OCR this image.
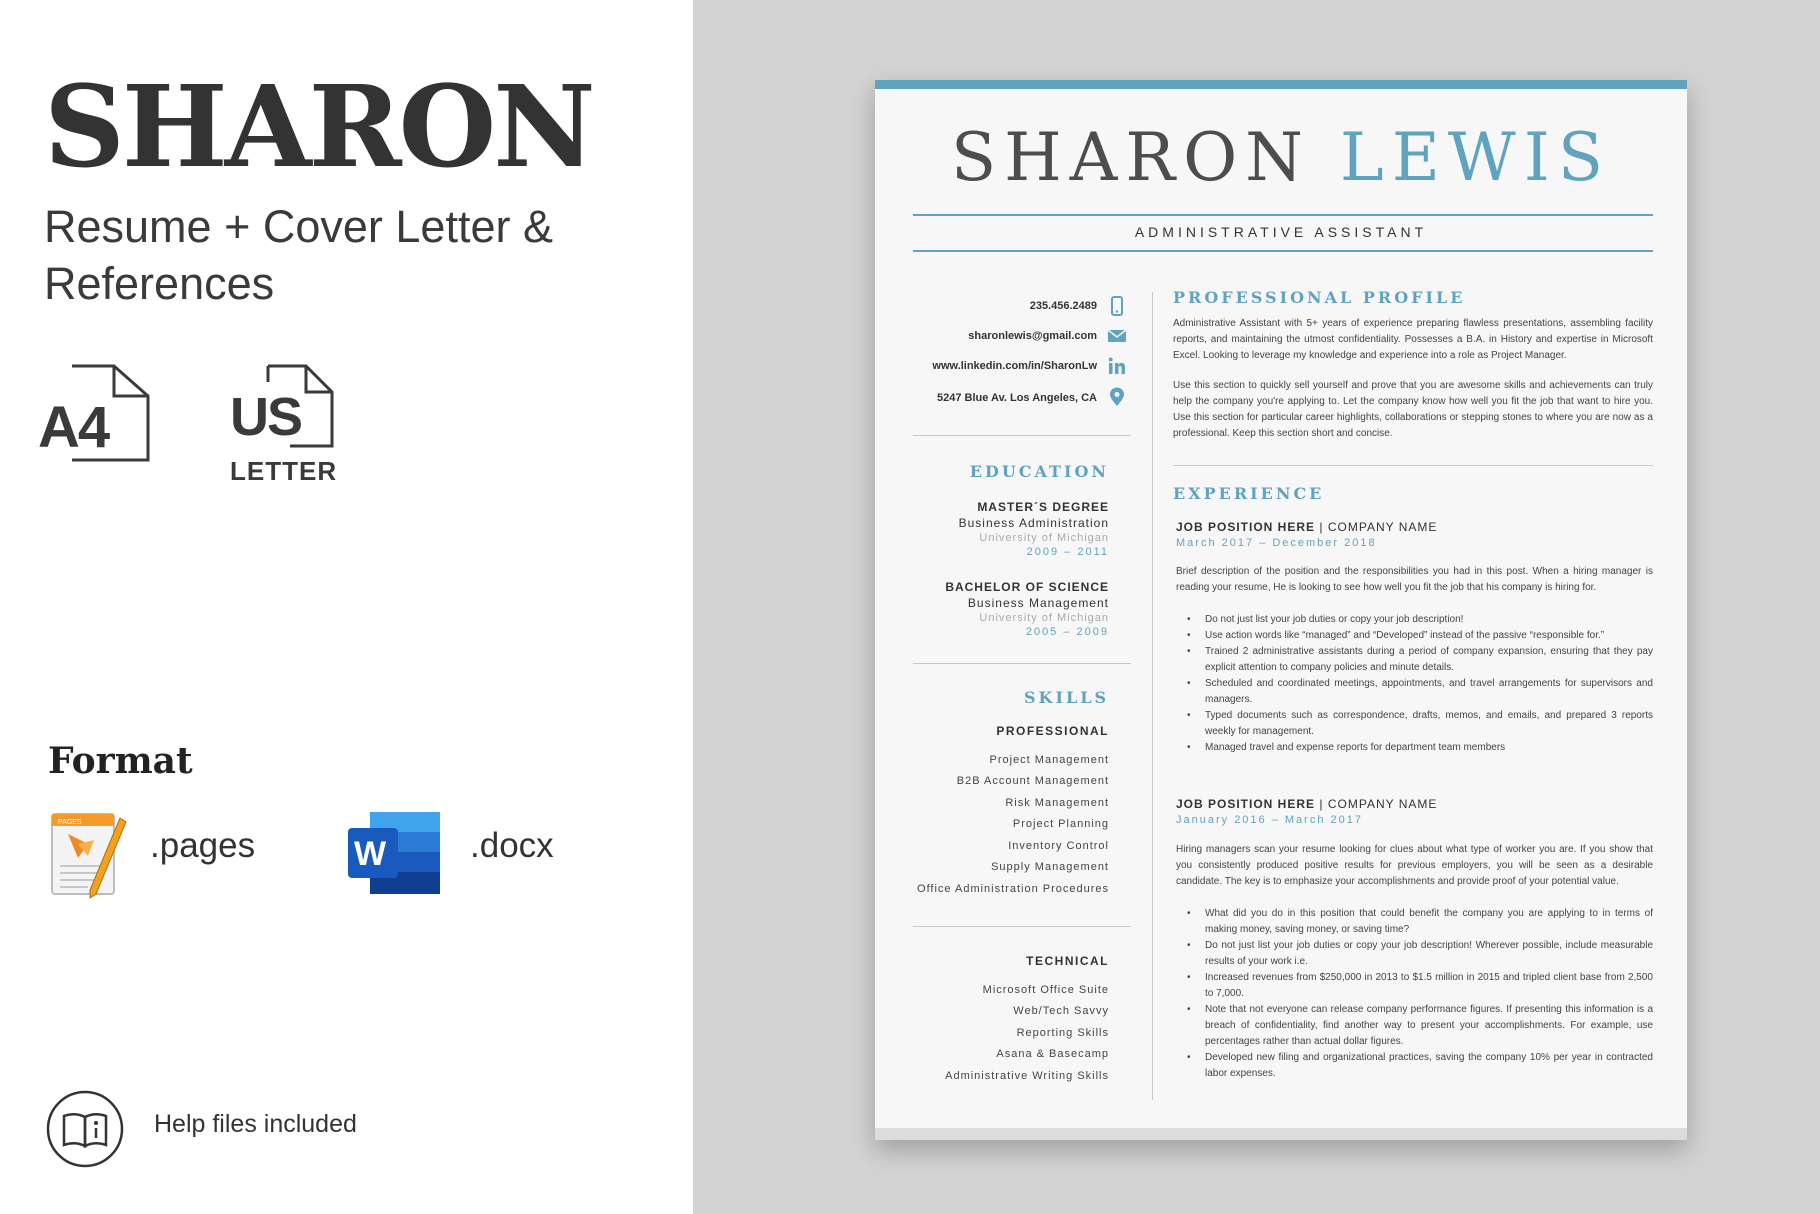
SHARON
Resume + Cover Letter & References
A4 US
LETTER
Format
PAGES
.pages	W .docx
Help files included
SHARON LEWIS
ADMINISTRATIVE ASSISTANT
235.456.2489
sharonlewis@gmail.com
www.linkedin.com/in/SharonLw
5247 Blue Av. Los Angeles, CA
EDUCATION
MASTER´S DEGREE
Business Administration
University of Michigan
2009 – 2011
BACHELOR OF SCIENCE
Business Management
University of Michigan
2005 – 2009
SKILLS
PROFESSIONAL
Project Management
B2B Account Management
Risk Management
Project Planning
Inventory Control
Supply Management
Office Administration Procedures
TECHNICAL
Microsoft Office Suite
Web/Tech Savvy
Reporting Skills
Asana & Basecamp
Administrative Writing Skills
PROFESSIONAL PROFILE
Administrative Assistant with 5+ years of experience preparing flawless presentations, assembling facility reports, and maintaining the utmost confidentiality. Possesses a B.A. in History and expertise in Microsoft Excel. Looking to leverage my knowledge and experience into a role as Project Manager.
Use this section to quickly sell yourself and prove that you are awesome skills and achievements can truly help the company you're applying to. Let the company know how well you fit the job that want to hire you. Use this section for particular career highlights, collaborations or stepping stones to where you are now as a professional. Keep this section short and concise.
EXPERIENCE
JOB POSITION HERE | COMPANY NAME
March 2017 – December 2018
Brief description of the position and the responsibilities you had in this post. When a hiring manager is reading your resume, He is looking to see how well you fit the job that his company is hiring for.
• Do not just list your job duties or copy your job description!
• Use action words like “managed” and “Developed” instead of the passive “responsible for.”
• Trained 2 administrative assistants during a period of company expansion, ensuring that they pay explicit attention to company policies and minute details.
• Scheduled and coordinated meetings, appointments, and travel arrangements for supervisors and managers.
• Typed documents such as correspondence, drafts, memos, and emails, and prepared 3 reports weekly for management.
• Managed travel and expense reports for department team members
JOB POSITION HERE | COMPANY NAME
January 2016 – March 2017
Hiring managers scan your resume looking for clues about what type of worker you are. If you show that you consistently produced positive results for previous employers, you will be seen as a desirable candidate. The key is to emphasize your accomplishments and provide proof of your potential value.
• What did you do in this position that could benefit the company you are applying to in terms of making money, saving money, or saving time?
• Do not just list your job duties or copy your job description! Wherever possible, include measurable results of your work i.e.
• Increased revenues from $250,000 in 2013 to $1.5 million in 2015 and tripled client base from 2,500 to 7,000.
• Note that not everyone can release company performance figures. If presenting this information is a breach of confidentiality, find another way to present your accomplishments. For example, use percentages rather than actual dollar figures.
• Developed new filing and organizational practices, saving the company 10% per year in contracted labor expenses.
